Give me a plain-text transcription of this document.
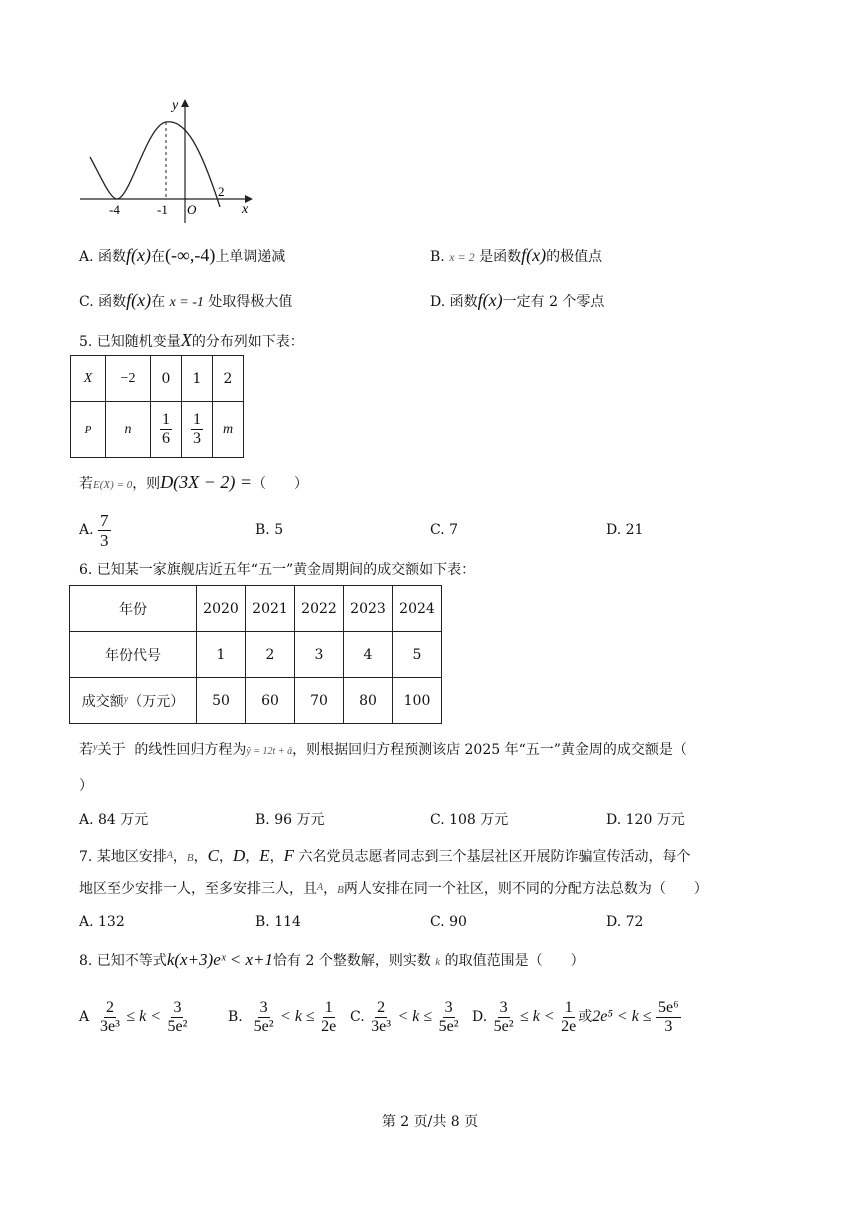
y
x
O
-4	-1
2
A. 函数f(x)在(-∞,-4)上单调递减	B. x = 2 是函数f(x)的极值点
C. 函数f(x)在 x = -1 处取得极大值	D. 函数f(x)一定有 2 个零点
5. 已知随机变量X的分布列如下表：
X	−2	0	1	2
P	n	$\frac{1}{6}$	$\frac{1}{3}$	m
若E(X) = 0，则D(3X − 2) =（　　）
A. $\frac{7}{3}$	B. 5	C. 7	D. 21
6. 已知某一家旗舰店近五年“五一”黄金周期间的成交额如下表：
年份	2020	2021	2022	2023	2024
年份代号	1	2	3	4	5
成交额$^y$（万元）	50	60	70	80	100
若$^y$关于 的线性回归方程为ŷ = 12t + â，则根据回归方程预测该店 2025 年“五一”黄金周的成交额是（
）
A. 84 万元	B. 96 万元	C. 108 万元	D. 120 万元
7. 某地区安排$^A$，B，C，D，E，F 六名党员志愿者同志到三个基层社区开展防诈骗宣传活动，每个
地区至少安排一人，至多安排三人，且$^A$，B两人安排在同一个社区，则不同的分配方法总数为（　　）
A. 132	B. 114	C. 90	D. 72
8. 已知不等式k(x+3)eˣ < x+1恰有 2 个整数解，则实数 k 的取值范围是（　　）
A $\frac{2}{\text{3e³}} \le k < \frac{3}{\text{5e²}}$	B. $\frac{3}{\text{5e²}} < k \le \frac{1}{2e} C$. $\frac{2}{\text{3e³}} < k \le \frac{3}{\text{5e²}} D$. $\frac{3}{\text{5e²}} \le k < \frac{1}{2e}$ 或$2e^5 < k \le \frac{\text{5e⁶}}{3}$
第 2 页/共 8 页
